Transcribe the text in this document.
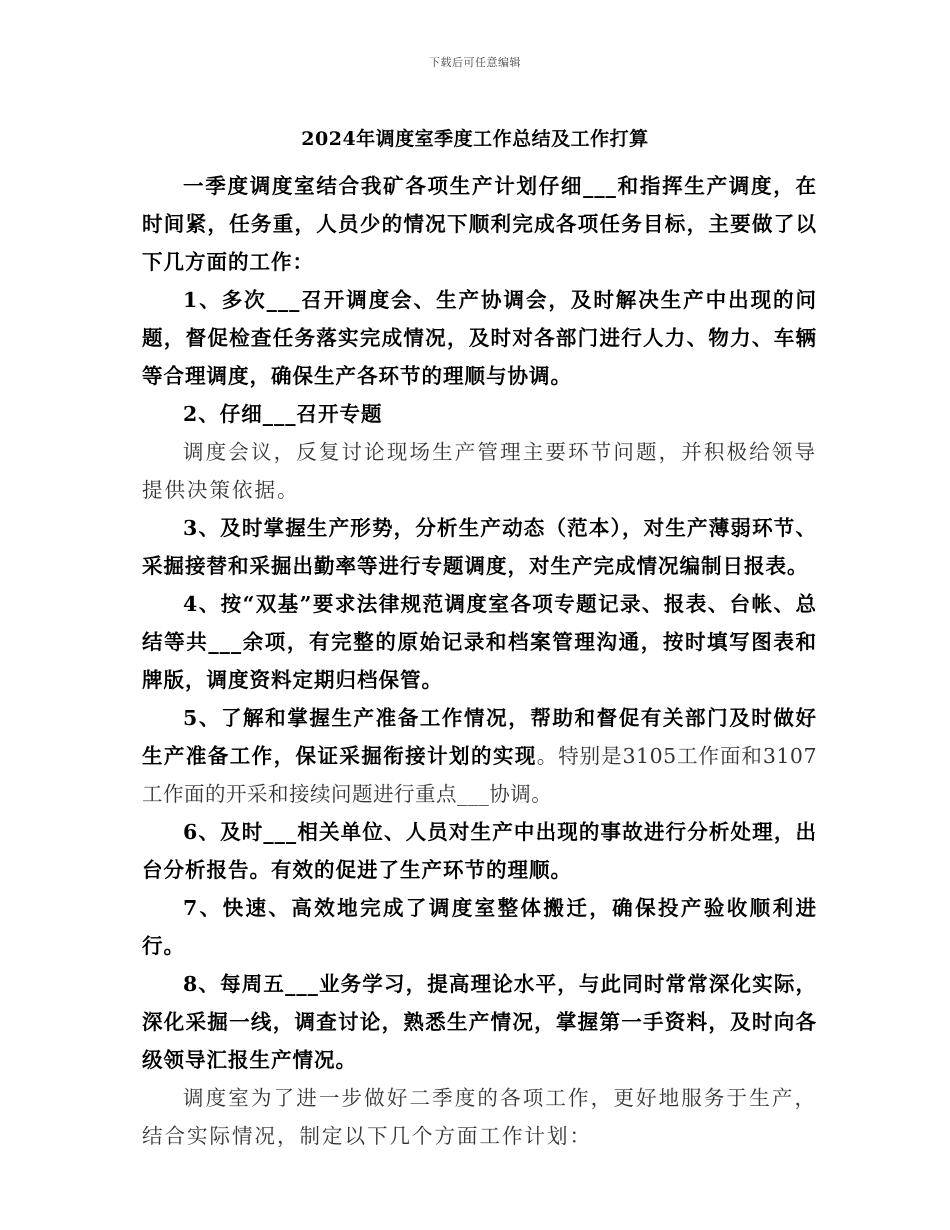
下载后可任意编辑
2024年调度室季度工作总结及工作打算

一季度调度室结合我矿各项生产计划仔细___和指挥生产调度，在时间紧，任务重，人员少的情况下顺利完成各项任务目标，主要做了以下几方面的工作：

1、多次___召开调度会、生产协调会，及时解决生产中出现的问题，督促检查任务落实完成情况，及时对各部门进行人力、物力、车辆等合理调度，确保生产各环节的理顺与协调。

2、仔细___召开专题

调度会议，反复讨论现场生产管理主要环节问题，并积极给领导提供决策依据。

3、及时掌握生产形势，分析生产动态（范本），对生产薄弱环节、采掘接替和采掘出勤率等进行专题调度，对生产完成情况编制日报表。

4、按“双基”要求法律规范调度室各项专题记录、报表、台帐、总结等共___余项，有完整的原始记录和档案管理沟通，按时填写图表和牌版，调度资料定期归档保管。

5、了解和掌握生产准备工作情况，帮助和督促有关部门及时做好生产准备工作，保证采掘衔接计划的实现。特别是3105工作面和3107工作面的开采和接续问题进行重点___协调。

6、及时___相关单位、人员对生产中出现的事故进行分析处理，出台分析报告。有效的促进了生产环节的理顺。

7、快速、高效地完成了调度室整体搬迁，确保投产验收顺利进行。

8、每周五___业务学习，提高理论水平，与此同时常常深化实际，深化采掘一线，调查讨论，熟悉生产情况，掌握第一手资料，及时向各级领导汇报生产情况。

调度室为了进一步做好二季度的各项工作，更好地服务于生产，结合实际情况，制定以下几个方面工作计划：
